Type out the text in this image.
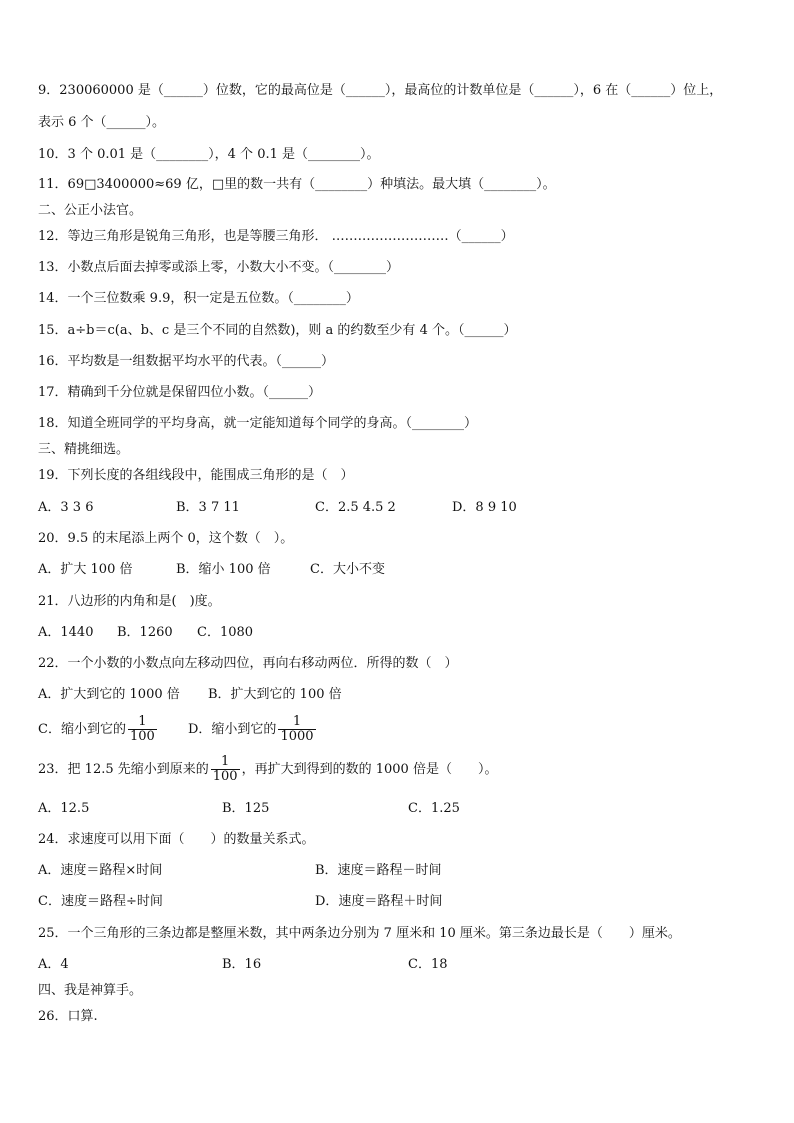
9．230060000 是（______）位数，它的最高位是（______），最高位的计数单位是（______），6 在（______）位上，
表示 6 个（______）。
10．3 个 0.01 是（________），4 个 0.1 是（________）。
11．69□3400000≈69 亿，□里的数一共有（________）种填法。最大填（________）。
二、公正小法官。
12．等边三角形是锐角三角形，也是等腰三角形． ………………………（______）
13．小数点后面去掉零或添上零，小数大小不变。（________）
14．一个三位数乘 9.9，积一定是五位数。（________）
15．a÷b＝c(a、b、c 是三个不同的自然数)，则 a 的约数至少有 4 个。（______）
16．平均数是一组数据平均水平的代表。（______）
17．精确到千分位就是保留四位小数。（______）
18．知道全班同学的平均身高，就一定能知道每个同学的身高。（________）
三、精挑细选。
19．下列长度的各组线段中，能围成三角形的是（　）
A．3 3 6	B．3 7 11	C．2.5 4.5 2	D．8 9 10
20．9.5 的末尾添上两个 0，这个数（　）。
A．扩大 100 倍	B．缩小 100 倍	C．大小不变
21．八边形的内角和是(　)度。
A．1440 B．1260 C．1080
22．一个小数的小数点向左移动四位，再向右移动两位．所得的数（　）
A．扩大到它的 1000 倍 B．扩大到它的 100 倍
C．缩小到它的 $\frac{1}{100}$ D．缩小到它的 $\frac{1}{1000}$
23．把 12.5 先缩小到原来的 $\frac{1}{100}$ ，再扩大到得到的数的 1000 倍是（　　）。
A．12.5	B．125	C．1.25
24．求速度可以用下面（　　）的数量关系式。
A．速度＝路程×时间	B．速度＝路程－时间
C．速度＝路程÷时间	D．速度＝路程＋时间
25．一个三角形的三条边都是整厘米数，其中两条边分别为 7 厘米和 10 厘米。第三条边最长是（　　）厘米。
A．4	B．16	C．18
四、我是神算手。
26．口算.
